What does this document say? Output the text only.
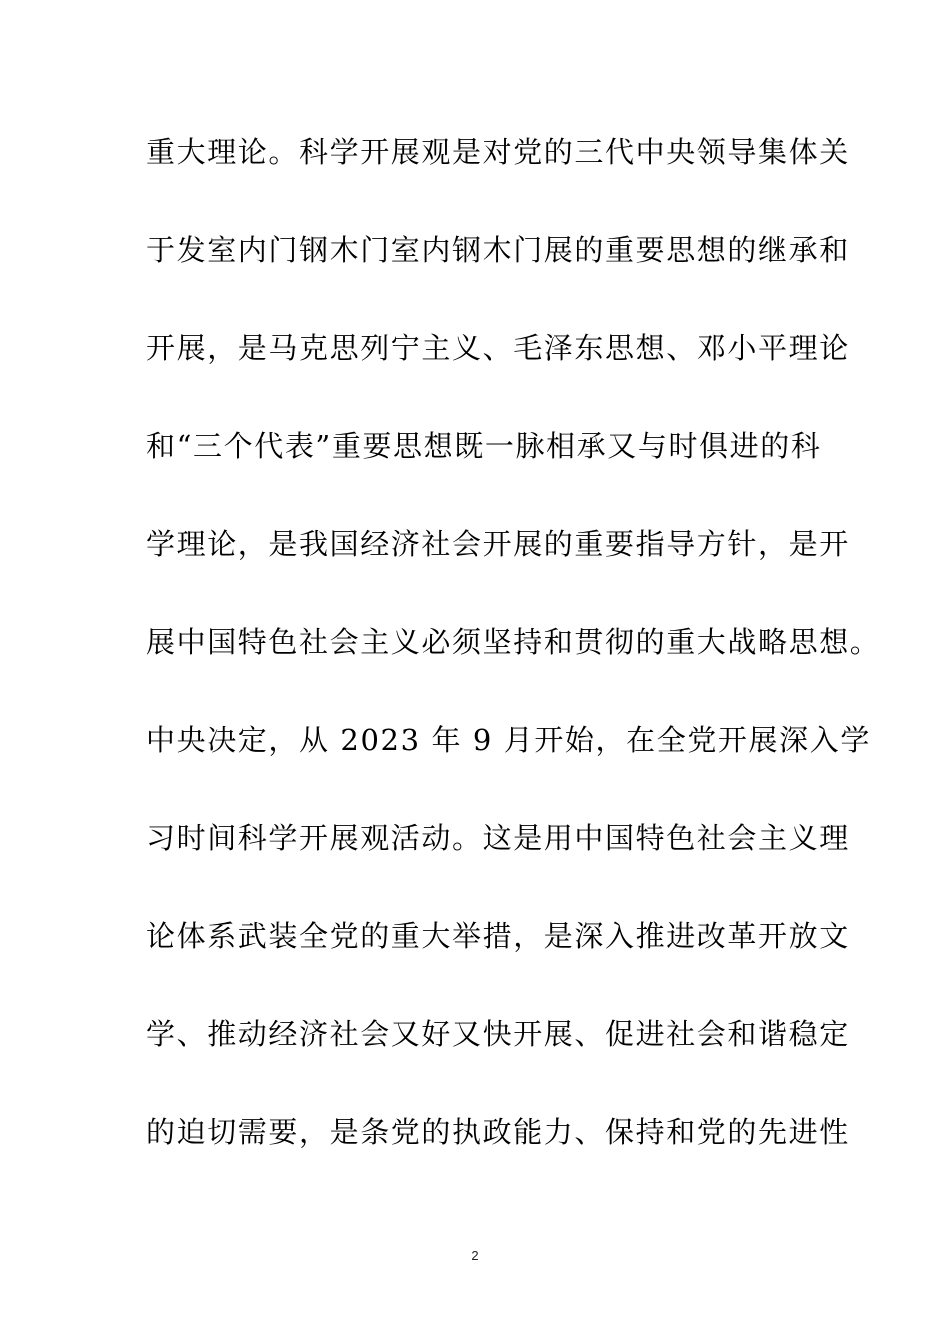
重大理论。科学开展观是对党的三代中央领导集体关
于发室内门钢木门室内钢木门展的重要思想的继承和
开展，是马克思列宁主义、毛泽东思想、邓小平理论
和“三个代表”重要思想既一脉相承又与时俱进的科
学理论，是我国经济社会开展的重要指导方针，是开
展中国特色社会主义必须坚持和贯彻的重大战略思想。
中央决定，从 2023 年 9 月开始，在全党开展深入学
习时间科学开展观活动。这是用中国特色社会主义理
论体系武装全党的重大举措，是深入推进改革开放文
学、推动经济社会又好又快开展、促进社会和谐稳定
的迫切需要，是条党的执政能力、保持和党的先进性
2
